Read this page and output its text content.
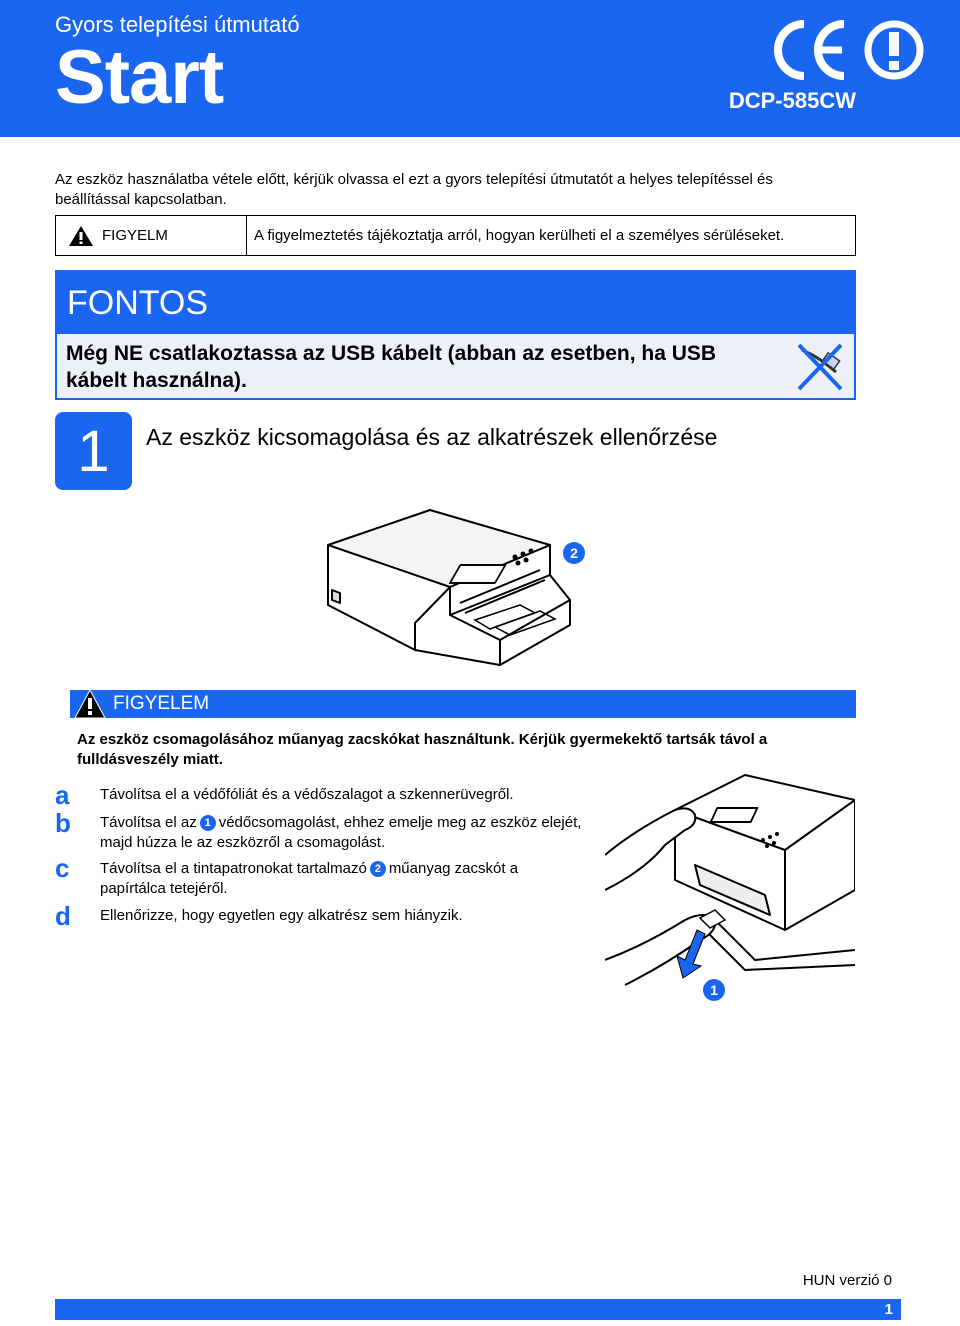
Gyors telepítési útmutató
Start	DCP-585CW
Az eszköz használatba vétele előtt, kérjük olvassa el ezt a gyors telepítési útmutatót a helyes telepítéssel és beállítással kapcsolatban.
FIGYELM	A figyelmeztetés tájékoztatja arról, hogyan kerülheti el a személyes sérüléseket.
FONTOS
Még NE csatlakoztassa az USB kábelt (abban az esetben, ha USB kábelt használna).
1	Az eszköz kicsomagolása és az alkatrészek ellenőrzése
2
FIGYELEM
Az eszköz csomagolásához műanyag zacskókat használtunk. Kérjük gyermekektő tartsák távol a fulldásveszély miatt.
a	Távolítsa el a védőfóliát és a védőszalagot a szkennerüvegről.
b	Távolítsa el az 1 védőcsomagolást, ehhez emelje meg az eszköz elejét,
majd húzza le az eszközről a csomagolást.
c	Távolítsa el a tintapatronokat tartalmazó 2 műanyag zacskót a
papírtálca tetejéről.
d	Ellenőrizze, hogy egyetlen egy alkatrész sem hiányzik.
1
HUN verzió 0
1
